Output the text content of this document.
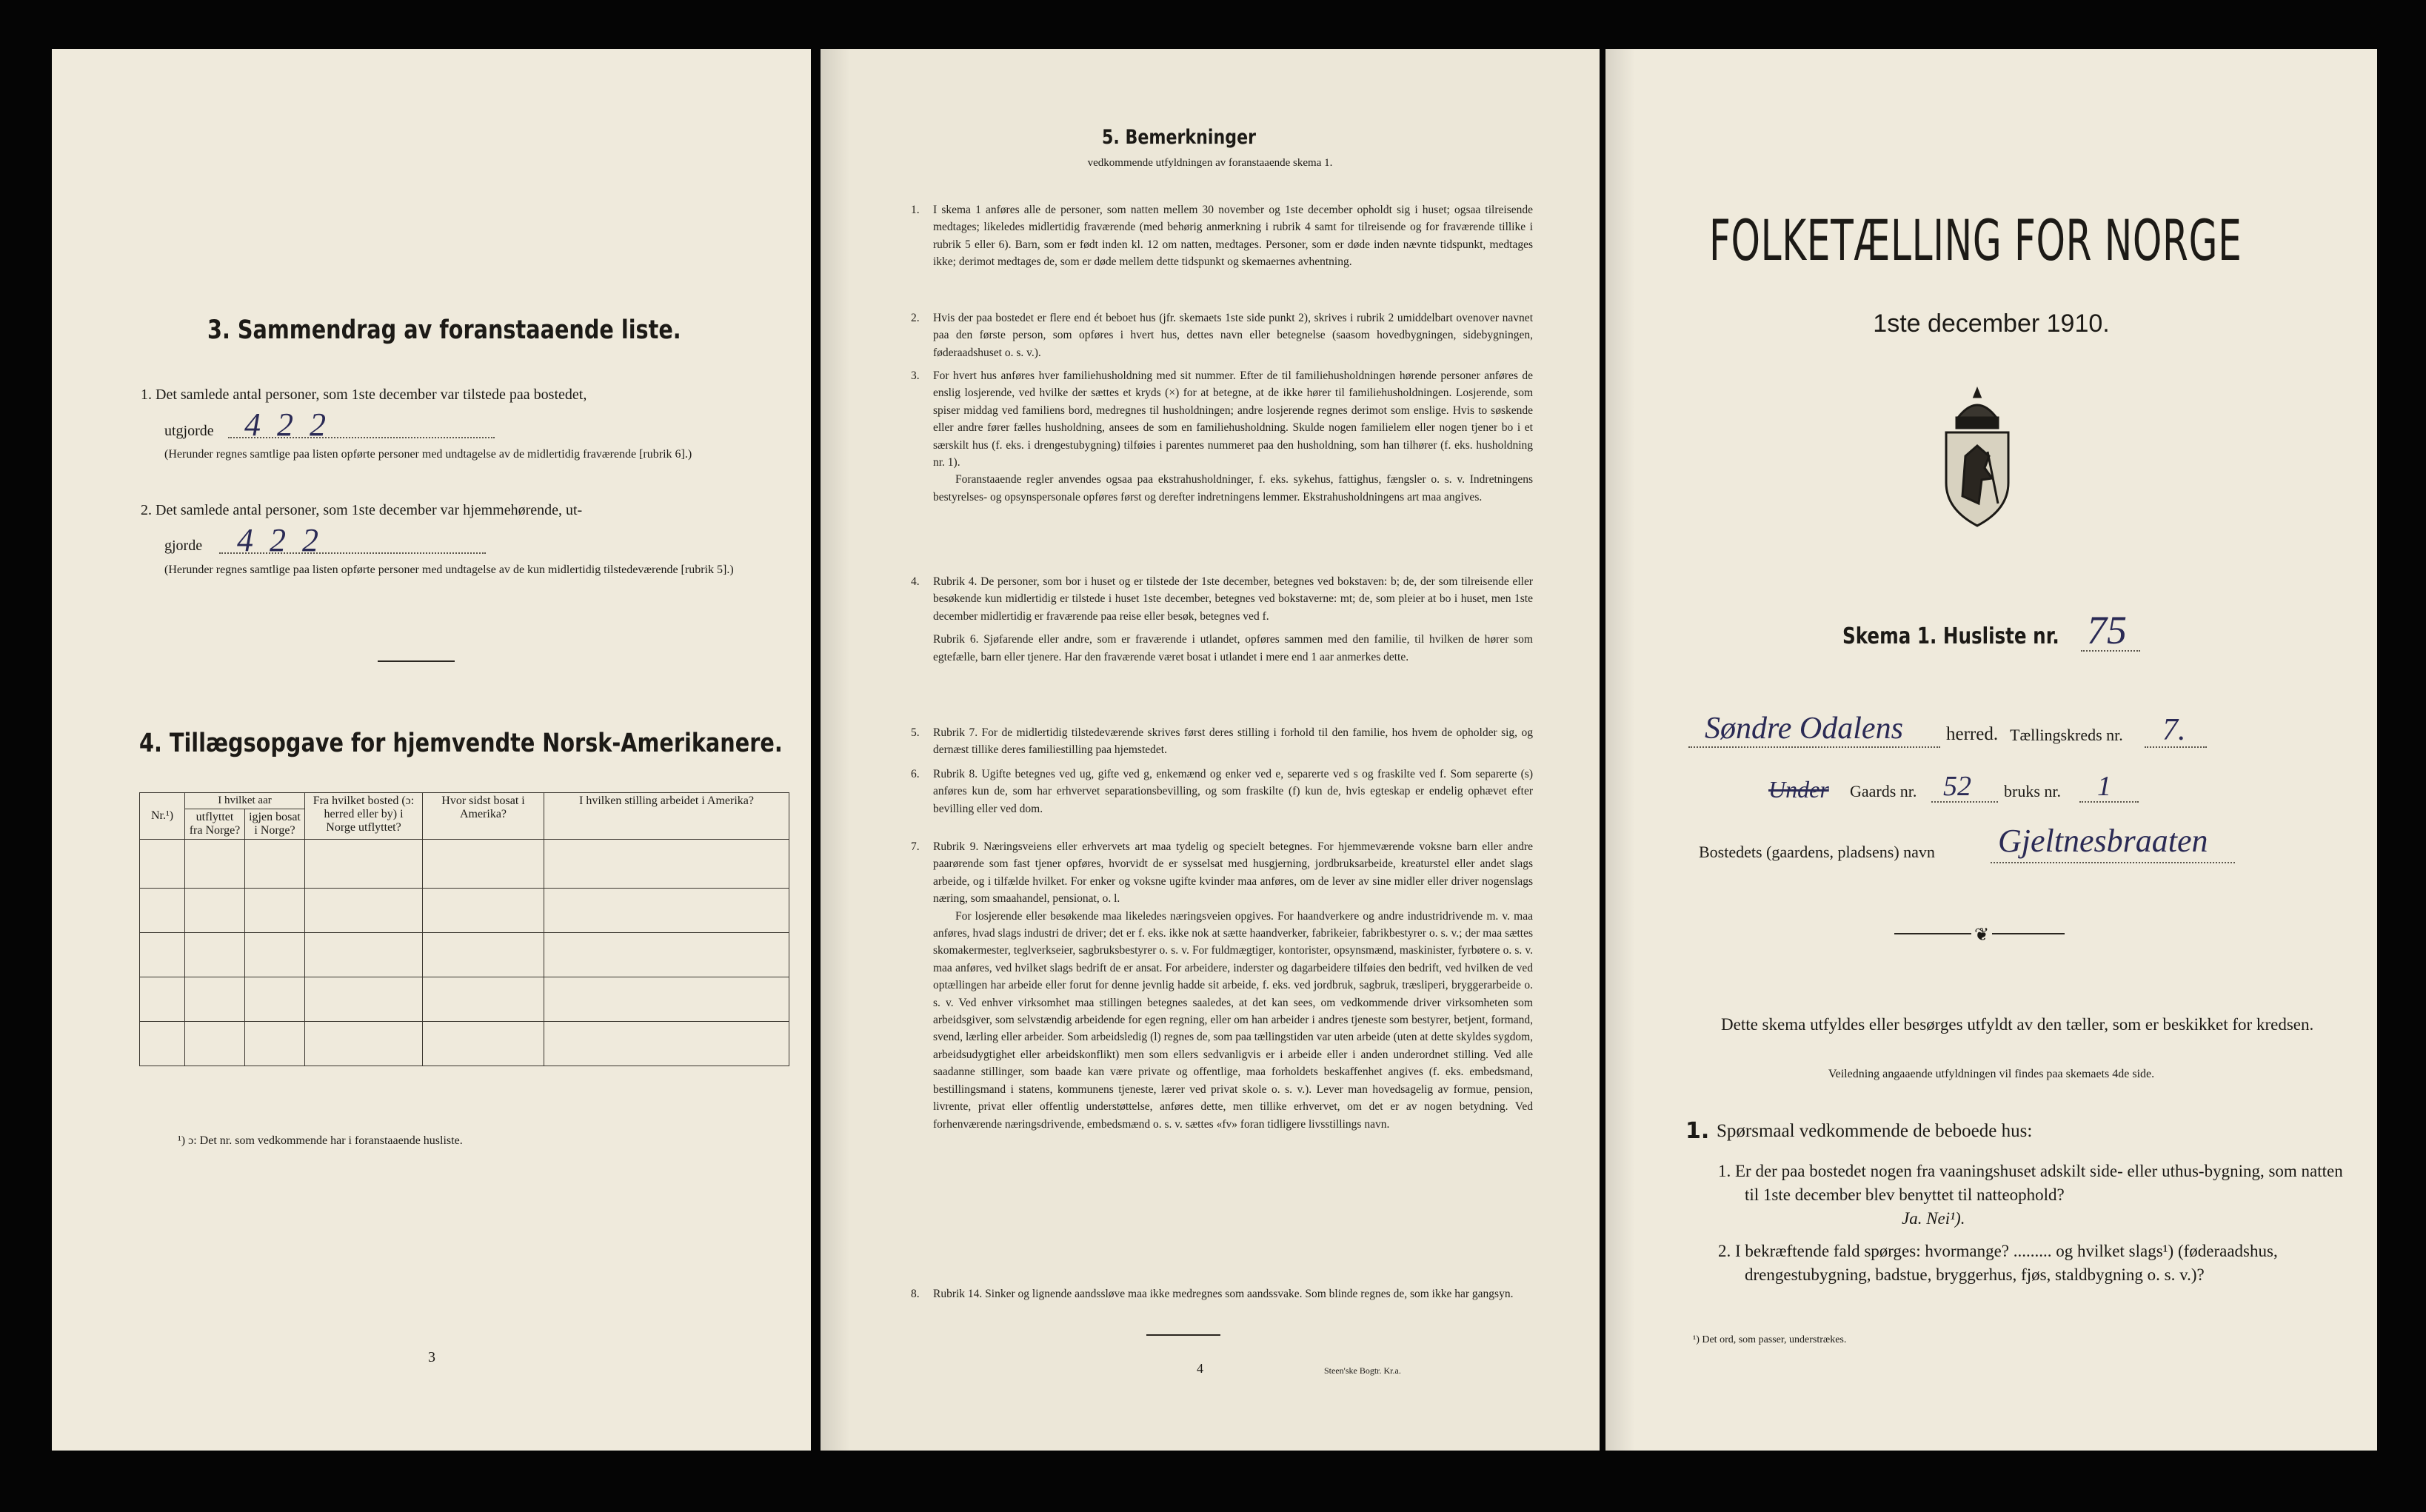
3. Sammendrag av foranstaaende liste.
1. Det samlede antal personer, som 1ste december var tilstede paa bostedet,
utgjorde 4  2  2
(Herunder regnes samtlige paa listen opførte personer med undtagelse av de midlertidig fraværende [rubrik 6].)
2. Det samlede antal personer, som 1ste december var hjemmehørende, ut-
gjorde 4  2  2
(Herunder regnes samtlige paa listen opførte personer med undtagelse av de kun midlertidig tilstedeværende [rubrik 5].)
4. Tillægsopgave for hjemvendte Norsk-Amerikanere.
Nr.¹)	I hvilket aar		Fra hvilket bosted (ɔ: herred eller by) i Norge utflyttet?	Hvor sidst bosat i Amerika?	I hvilken stilling arbeidet i Amerika?
	utflyttet fra Norge?	igjen bosat i Norge?			

¹) ɔ: Det nr. som vedkommende har i foranstaaende husliste.
3
5. Bemerkninger
vedkommende utfyldningen av foranstaaende skema 1.
1. I skema 1 anføres alle de personer, som natten mellem 30 november og 1ste december opholdt sig i huset; ogsaa tilreisende medtages; likeledes midlertidig fraværende (med behørig anmerkning i rubrik 4 samt for tilreisende og for fraværende tillike i rubrik 5 eller 6). Barn, som er født inden kl. 12 om natten, medtages. Personer, som er døde inden nævnte tidspunkt, medtages ikke; derimot medtages de, som er døde mellem dette tidspunkt og skemaernes avhentning.

2. Hvis der paa bostedet er flere end ét beboet hus (jfr. skemaets 1ste side punkt 2), skrives i rubrik 2 umiddelbart ovenover navnet paa den første person, som opføres i hvert hus, dettes navn eller betegnelse (saasom hovedbygningen, sidebygningen, føderaadshuset o. s. v.).

3. For hvert hus anføres hver familiehusholdning med sit nummer. Efter de til familiehusholdningen hørende personer anføres de enslig losjerende, ved hvilke der sættes et kryds (×) for at betegne, at de ikke hører til familiehusholdningen. Losjerende, som spiser middag ved familiens bord, medregnes til husholdningen; andre losjerende regnes derimot som enslige. Hvis to søskende eller andre fører fælles husholdning, ansees de som en familiehusholdning. Skulde nogen familielem eller nogen tjener bo i et særskilt hus (f. eks. i drengestubygning) tilføies i parentes nummeret paa den husholdning, som han tilhører (f. eks. husholdning nr. 1).

Foranstaaende regler anvendes ogsaa paa ekstrahusholdninger, f. eks. sykehus, fattighus, fængsler o. s. v. Indretningens bestyrelses- og opsynspersonale opføres først og derefter indretningens lemmer. Ekstrahusholdningens art maa angives.

4. Rubrik 4. De personer, som bor i huset og er tilstede der 1ste december, betegnes ved bokstaven: b; de, der som tilreisende eller besøkende kun midlertidig er tilstede i huset 1ste december, betegnes ved bokstaverne: mt; de, som pleier at bo i huset, men 1ste december midlertidig er fraværende paa reise eller besøk, betegnes ved f.

Rubrik 6. Sjøfarende eller andre, som er fraværende i utlandet, opføres sammen med den familie, til hvilken de hører som egtefælle, barn eller tjenere. Har den fraværende været bosat i utlandet i mere end 1 aar anmerkes dette.

5. Rubrik 7. For de midlertidig tilstedeværende skrives først deres stilling i forhold til den familie, hos hvem de opholder sig, og dernæst tillike deres familiestilling paa hjemstedet.

6. Rubrik 8. Ugifte betegnes ved ug, gifte ved g, enkemænd og enker ved e, separerte ved s og fraskilte ved f. Som separerte (s) anføres kun de, som har erhvervet separationsbevilling, og som fraskilte (f) kun de, hvis egteskap er endelig ophævet efter bevilling eller ved dom.

7. Rubrik 9. Næringsveiens eller erhvervets art maa tydelig og specielt betegnes. For hjemmeværende voksne barn eller andre paarørende som fast tjener opføres, hvorvidt de er sysselsat med husgjerning, jordbruksarbeide, kreaturstel eller andet slags arbeide, og i tilfælde hvilket. For enker og voksne ugifte kvinder maa anføres, om de lever av sine midler eller driver nogenslags næring, som smaahandel, pensionat, o. l.

For losjerende eller besøkende maa likeledes næringsveien opgives. For haandverkere og andre industridrivende m. v. maa anføres, hvad slags industri de driver; det er f. eks. ikke nok at sætte haandverker, fabrikeier, fabrikbestyrer o. s. v.; der maa sættes skomakermester, teglverkseier, sagbruksbestyrer o. s. v. For fuldmægtiger, kontorister, opsynsmænd, maskinister, fyrbøtere o. s. v. maa anføres, ved hvilket slags bedrift de er ansat. For arbeidere, inderster og dagarbeidere tilføies den bedrift, ved hvilken de ved optællingen har arbeide eller forut for denne jevnlig hadde sit arbeide, f. eks. ved jordbruk, sagbruk, træsliperi, bryggerarbeide o. s. v. Ved enhver virksomhet maa stillingen betegnes saaledes, at det kan sees, om vedkommende driver virksomheten som arbeidsgiver, som selvstændig arbeidende for egen regning, eller om han arbeider i andres tjeneste som bestyrer, betjent, formand, svend, lærling eller arbeider. Som arbeidsledig (l) regnes de, som paa tællingstiden var uten arbeide (uten at dette skyldes sygdom, arbeidsudygtighet eller arbeidskonflikt) men som ellers sedvanligvis er i arbeide eller i anden underordnet stilling. Ved alle saadanne stillinger, som baade kan være private og offentlige, maa forholdets beskaffenhet angives (f. eks. embedsmand, bestillingsmand i statens, kommunens tjeneste, lærer ved privat skole o. s. v.). Lever man hovedsagelig av formue, pension, livrente, privat eller offentlig understøttelse, anføres dette, men tillike erhvervet, om det er av nogen betydning. Ved forhenværende næringsdrivende, embedsmænd o. s. v. sættes «fv» foran tidligere livsstillings navn.

8. Rubrik 14. Sinker og lignende aandssløve maa ikke medregnes som aandssvake. Som blinde regnes de, som ikke har gangsyn.

4	Steen'ske Bogtr. Kr.a.
FOLKETÆLLING FOR NORGE
1ste december 1910.
Skema 1. Husliste nr. 75
Søndre Odalens herred. Tællingskreds nr. 7.
Under Gaards nr. 52 bruks nr. 1
Bostedets (gaardens, pladsens) navn Gjeltnesbraaten
❦
Dette skema utfyldes eller besørges utfyldt av den tæller, som er beskikket for kredsen.
Veiledning angaaende utfyldningen vil findes paa skemaets 4de side.
1. Spørsmaal vedkommende de beboede hus:
1. Er der paa bostedet nogen fra vaaningshuset adskilt side- eller uthus-bygning, som natten til 1ste december blev benyttet til natteophold?
Ja. Nei¹).
2. I bekræftende fald spørges: hvormange? ......... og hvilket slags¹) (føderaadshus, drengestubygning, badstue, bryggerhus, fjøs, staldbygning o. s. v.)?
¹) Det ord, som passer, understrækes.
